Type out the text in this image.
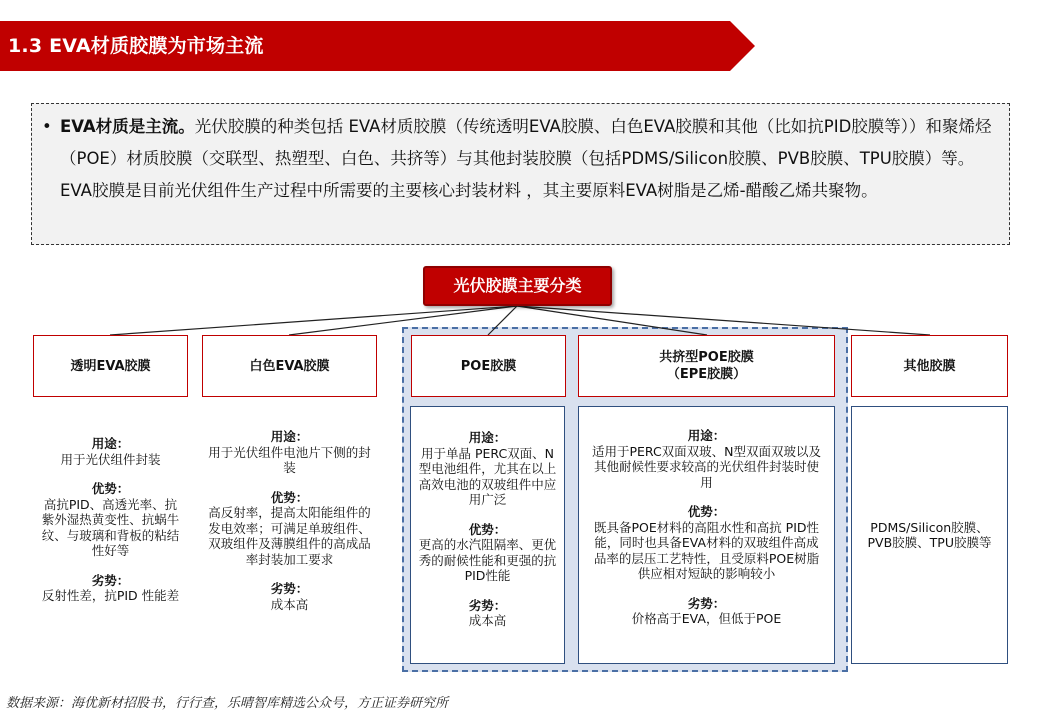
1.3 EVA材质胶膜为市场主流

• EVA材质是主流。光伏胶膜的种类包括 EVA材质胶膜（传统透明EVA胶膜、白色EVA胶膜和其他（比如抗PID胶膜等））和聚烯烃（POE）材质胶膜（交联型、热塑型、白色、共挤等）与其他封装胶膜（包括PDMS/Silicon胶膜、PVB胶膜、TPU胶膜）等。EVA胶膜是目前光伏组件生产过程中所需要的主要核心封装材料 ，其主要原料EVA树脂是乙烯-醋酸乙烯共聚物。

光伏胶膜主要分类
透明EVA胶膜	白色EVA胶膜	POE胶膜
共挤型POE胶膜
（EPE胶膜）
其他胶膜
用途：
用于光伏组件封装
优势：
高抗PID、高透光率、抗紫外湿热黄变性、抗蜗牛纹、与玻璃和背板的粘结性好等
劣势：
反射性差，抗PID 性能差
用途：
用于光伏组件电池片下侧的封装
优势：
高反射率，提高太阳能组件的发电效率；可满足单玻组件、双玻组件及薄膜组件的高成品率封装加工要求
劣势：
成本高
用途：
用于单晶 PERC双面、N型电池组件，尤其在以上高效电池的双玻组件中应用广泛
优势：
更高的水汽阻隔率、更优秀的耐候性能和更强的抗 PID性能
劣势：
成本高
用途：
适用于PERC双面双玻、N型双面双玻以及其他耐候性要求较高的光伏组件封装时使用
优势：
既具备POE材料的高阻水性和高抗 PID性能，同时也具备EVA材料的双玻组件高成品率的层压工艺特性，且受原料POE树脂供应相对短缺的影响较小
劣势：
价格高于EVA，但低于POE
PDMS/Silicon胶膜、PVB胶膜、TPU胶膜等
数据来源：海优新材招股书，行行查，乐晴智库精选公众号，方正证券研究所
